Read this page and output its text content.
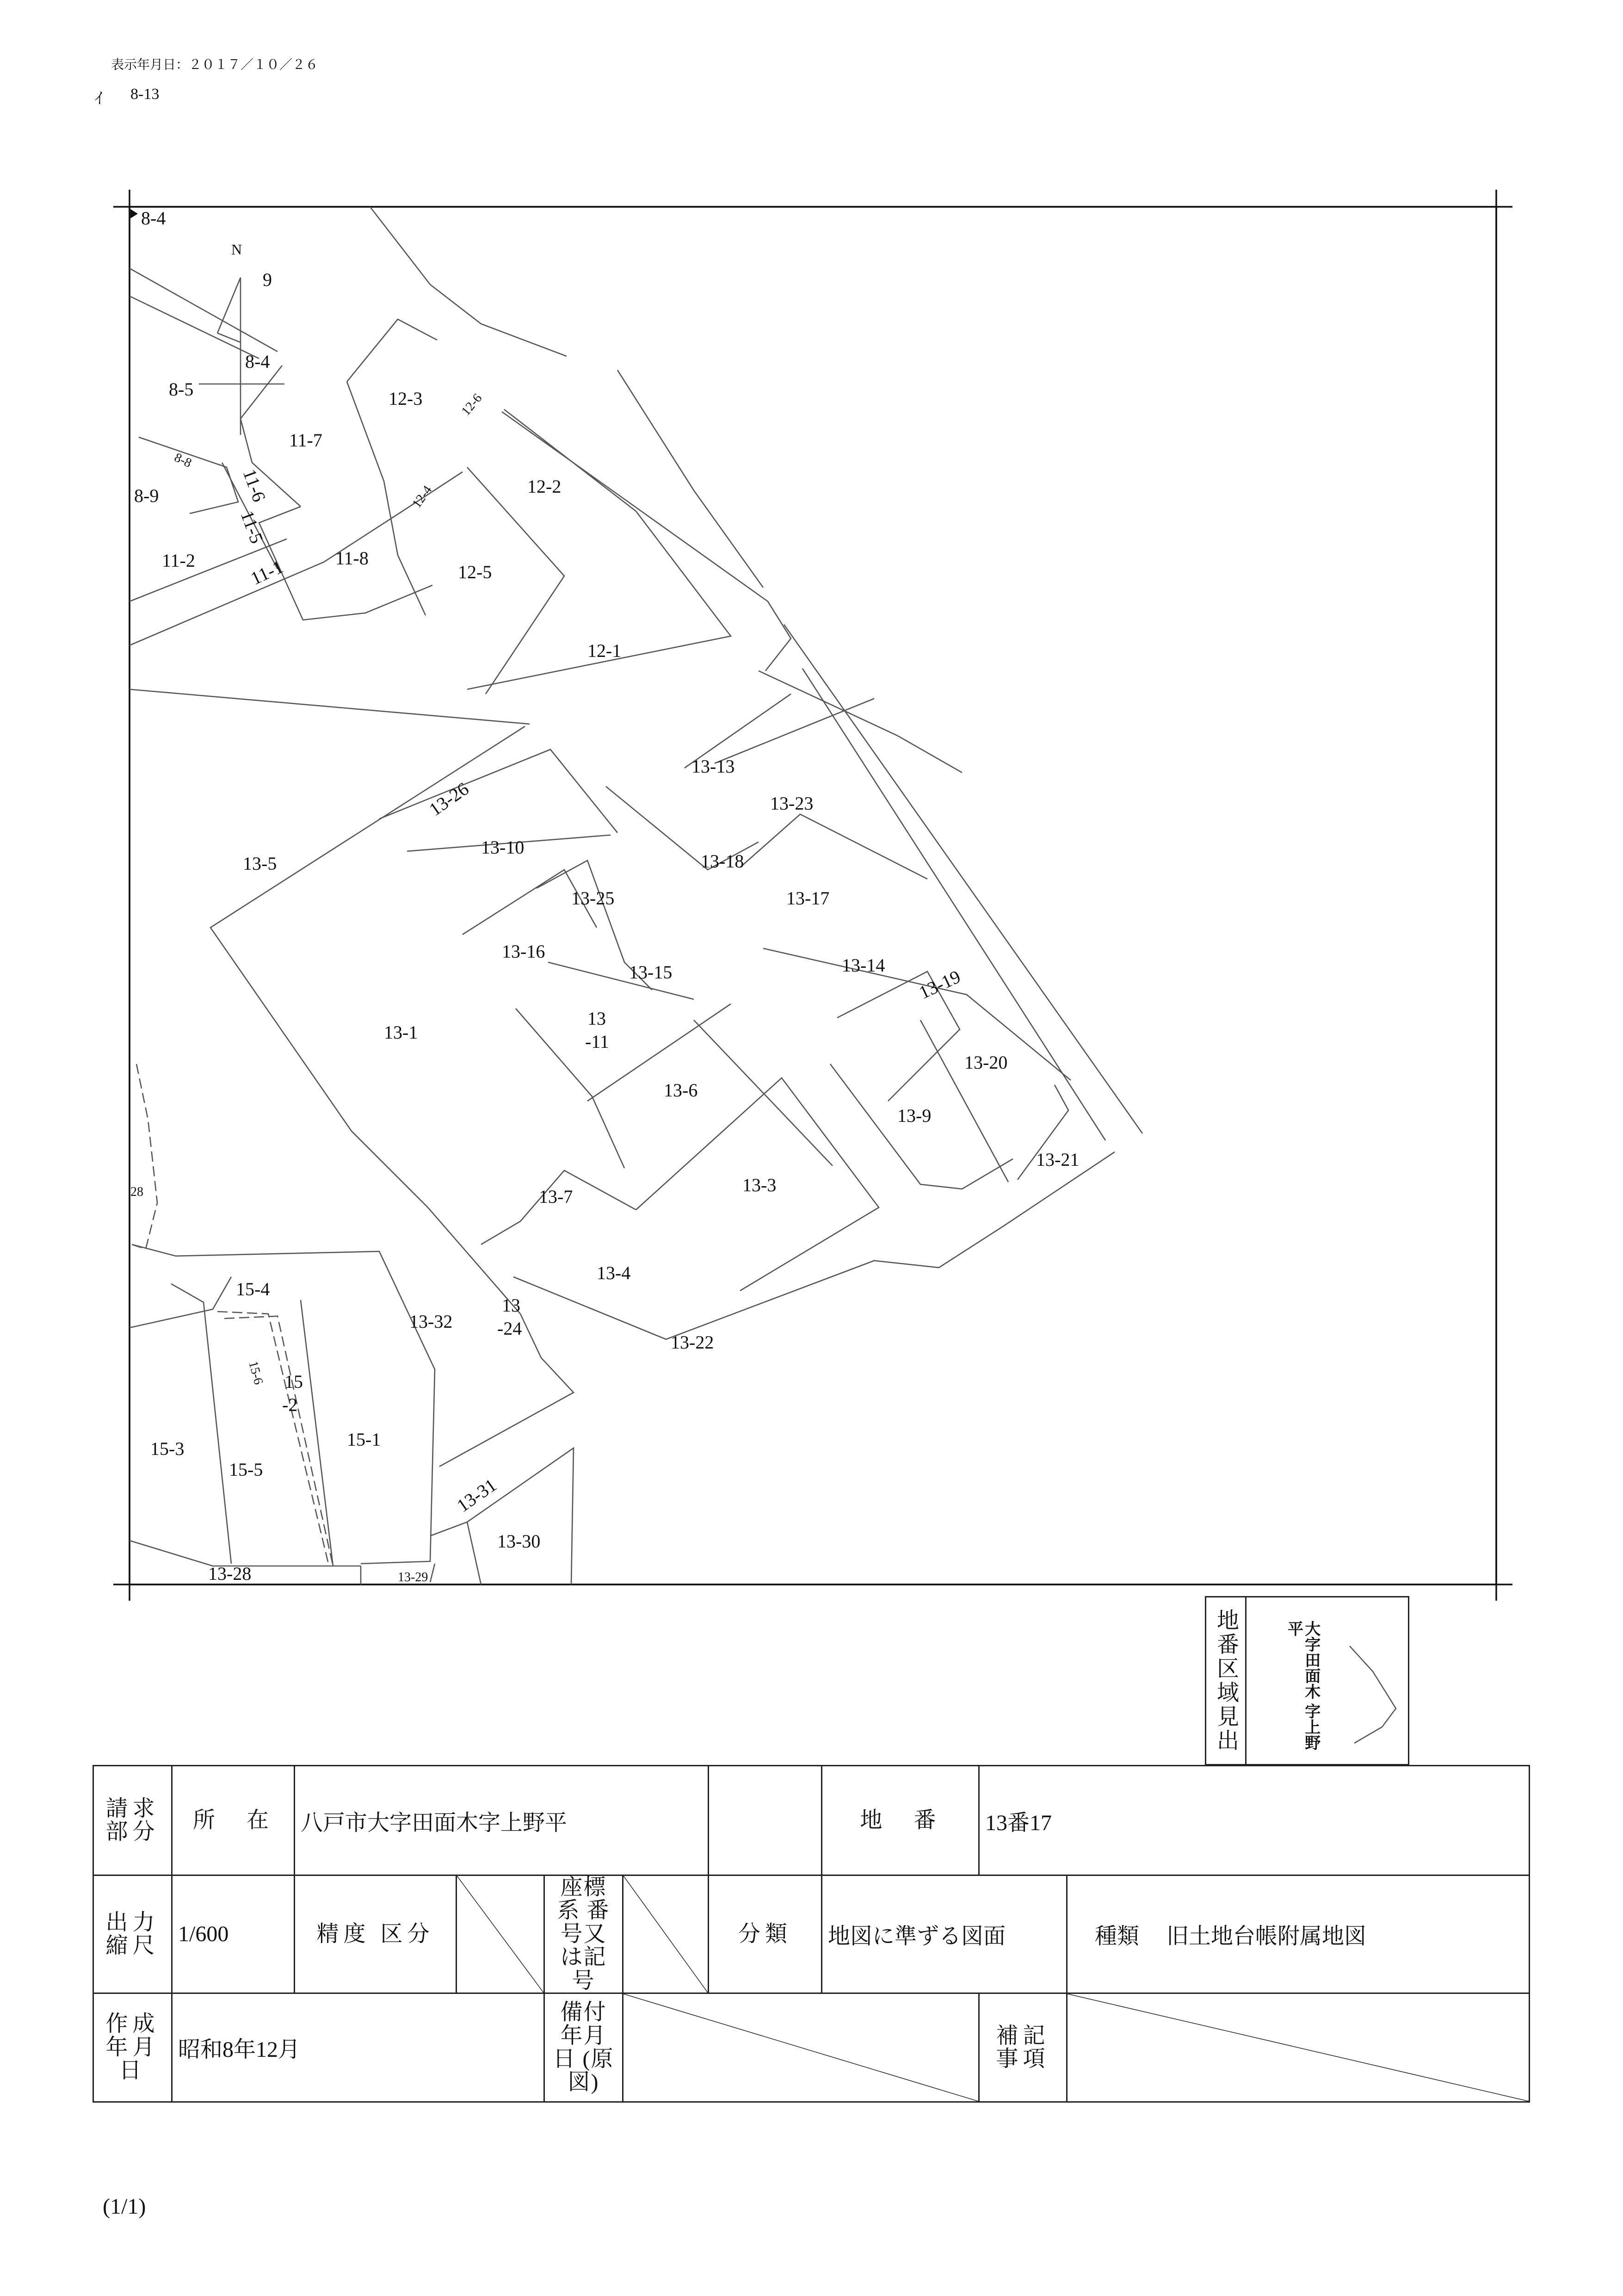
表示年月日：２０１７／１０／２６
ｲ 8-13
N
8-4
9
8-4
8-5	12-3	12-6
11-7
8-8
8-9	11-6
11-5
11-1
11-2	11-8
12-4	12-2
12-5
12-1
13-13
13-23
13-26
13-10
13-18
13-17
13-5
13-25
13-16
13-15	13-14
13-19
13-1
13
-11
13-20
13-6
13-9
13-21
28	13-3
13-7
13-4
15-4
13-32
13
-24
13-22
15-6 15
-2
15-3
15-5
15-1
13-31
13-30
13-28	13-29
地番区域見出	大字田面木 字上野平
請求 部分	所　在	八戸市大字田面木字上野平					地　番	13番17	
出力 縮尺	1/600	精度 区分		座標系 番号又 は記号		分類	地図に準ずる図面		種類 旧土地台帳附属地図
作成 年月日	昭和8年12月			備付 年月日 (原図)				補記 事項	
(1/1)
